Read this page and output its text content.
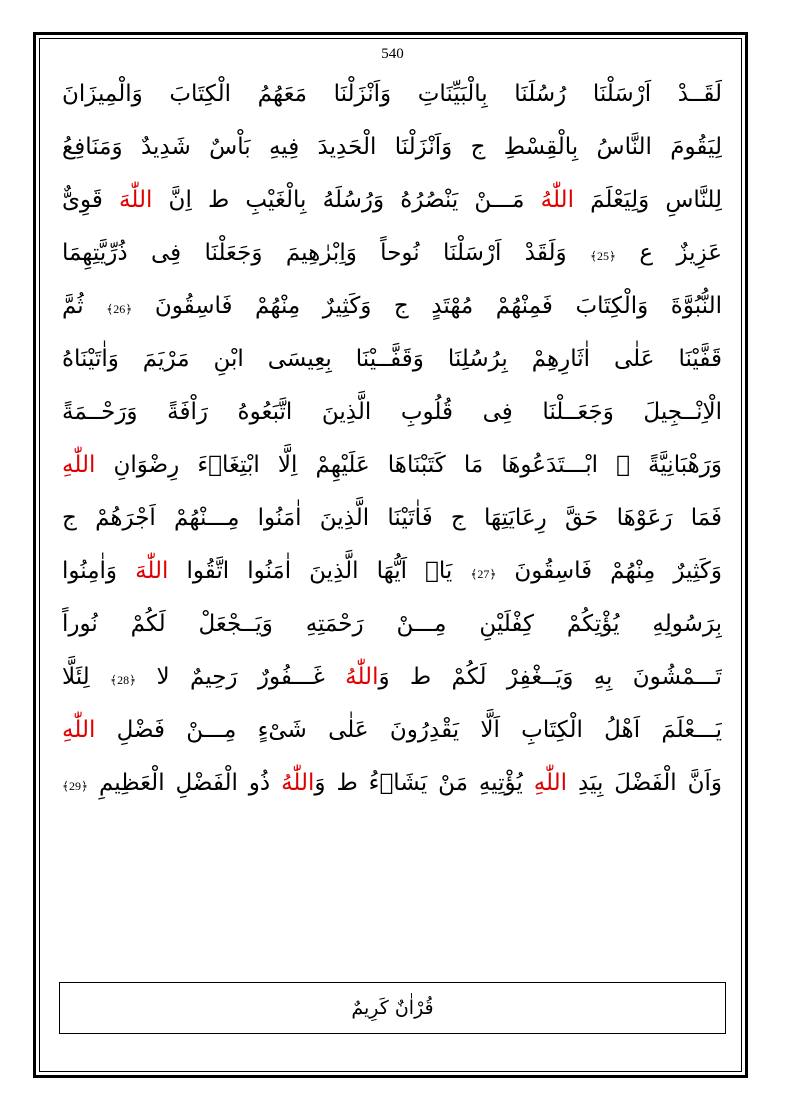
540
لَقَــدْ اَرْسَلْنَا رُسُلَنَا بِالْبَيِّنَاتِ وَاَنْزَلْنَا مَعَهُمُ الْكِتَابَ وَالْمِيزَانَ
لِيَقُومَ النَّاسُ بِالْقِسْطِ ج وَاَنْزَلْنَا الْحَدِيدَ فِيهِ بَاْسٌ شَدِيدٌ وَمَنَافِعُ
لِلنَّاسِ وَلِيَعْلَمَ اللّٰهُ مَـــنْ يَنْصُرُهُ وَرُسُلَهُ بِالْغَيْبِ ط اِنَّ اللّٰهَ قَوِىٌّ
عَزِيزٌ ع ﴿25﴾ وَلَقَدْ اَرْسَلْنَا نُوحاً وَاِبْرٰهِيمَ وَجَعَلْنَا فِى ذُرِّيَّتِهِمَا
النُّبُوَّةَ وَالْكِتَابَ فَمِنْهُمْ مُهْتَدٍ ج وَكَثِيرٌ مِنْهُمْ فَاسِقُونَ ﴿26﴾ ثُمَّ
قَفَّيْنَا عَلٰى اٰثَارِهِمْ بِرُسُلِنَا وَقَفَّــيْنَا بِعِيسَى ابْنِ مَرْيَمَ وَاٰتَيْنَاهُ
الْاِنْــجِيلَ وَجَعَــلْنَا فِى قُلُوبِ الَّذِينَ اتَّبَعُوهُ رَاْفَةً وَرَحْــمَةً
وَرَهْبَانِيَّةً ۨ ابْـــتَدَعُوهَا مَا كَتَبْنَاهَا عَلَيْهِمْ اِلَّا ابْتِغَاۤءَ رِضْوَانِ اللّٰهِ
فَمَا رَعَوْهَا حَقَّ رِعَايَتِهَا ج فَاٰتَيْنَا الَّذِينَ اٰمَنُوا مِـــنْهُمْ اَجْرَهُمْ ج
وَكَثِيرٌ مِنْهُمْ فَاسِقُونَ ﴿27﴾ يَاۤ اَيُّهَا الَّذِينَ اٰمَنُوا اتَّقُوا اللّٰهَ وَاٰمِنُوا
بِرَسُولِهِ يُؤْتِكُمْ كِفْلَيْنِ مِـــنْ رَحْمَتِهِ وَيَــجْعَلْ لَكُمْ نُوراً
تَـــمْشُونَ بِهِ وَيَــغْفِرْ لَكُمْ ط وَاللّٰهُ غَـــفُورٌ رَحِيمٌ لا ﴿28﴾ لِئَلَّا
يَـــعْلَمَ اَهْلُ الْكِتَابِ اَلَّا يَقْدِرُونَ عَلٰى شَىْءٍ مِـــنْ فَضْلِ اللّٰهِ
وَاَنَّ الْفَضْلَ بِيَدِ اللّٰهِ يُؤْتِيهِ مَنْ يَشَاۤءُ ط وَاللّٰهُ ذُو الْفَضْلِ الْعَظِيمِ ﴿29﴾
قُرْاٰنٌ كَرِيمٌ
